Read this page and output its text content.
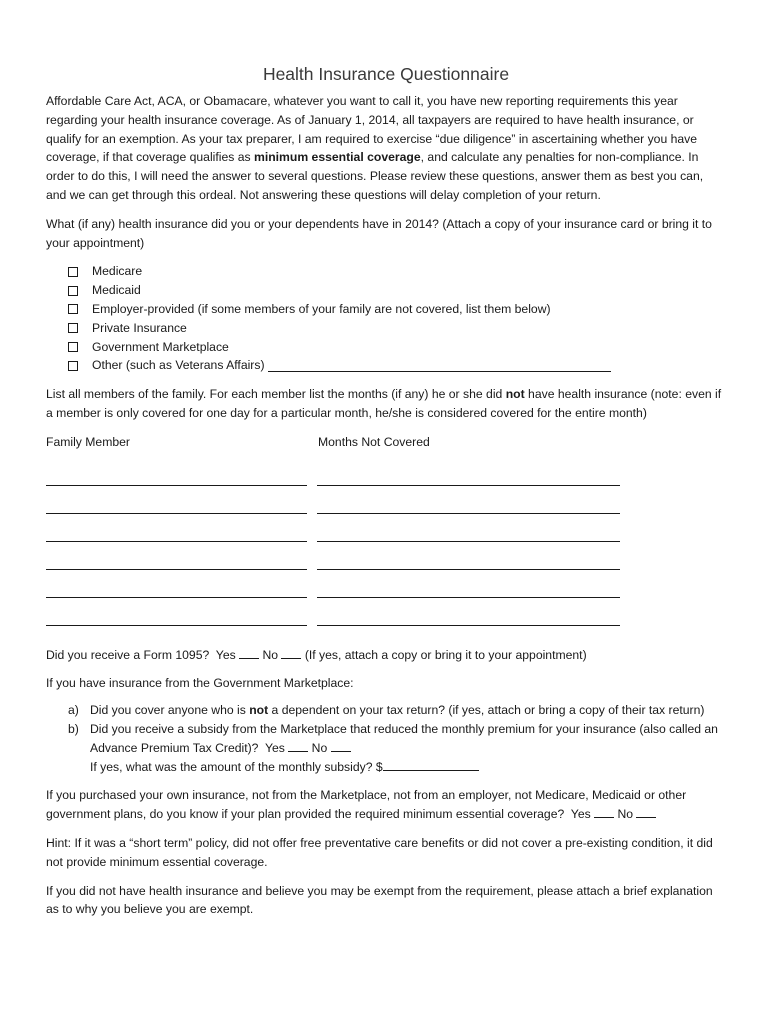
Health Insurance Questionnaire

Affordable Care Act, ACA, or Obamacare, whatever you want to call it, you have new reporting requirements this year regarding your health insurance coverage. As of January 1, 2014, all taxpayers are required to have health insurance, or qualify for an exemption. As your tax preparer, I am required to exercise “due diligence” in ascertaining whether you have coverage, if that coverage qualifies as minimum essential coverage, and calculate any penalties for non-compliance. In order to do this, I will need the answer to several questions. Please review these questions, answer them as best you can, and we can get through this ordeal. Not answering these questions will delay completion of your return.

What (if any) health insurance did you or your dependents have in 2014? (Attach a copy of your insurance card or bring it to your appointment)

Medicare
Medicaid
Employer-provided (if some members of your family are not covered, list them below)
Private Insurance
Government Marketplace
Other (such as Veterans Affairs)

List all members of the family. For each member list the months (if any) he or she did not have health insurance (note: even if a member is only covered for one day for a particular month, he/she is considered covered for the entire month)

Family Member	Months Not Covered

Did you receive a Form 1095?  Yes  No  (If yes, attach a copy or bring it to your appointment)

If you have insurance from the Government Marketplace:

a) Did you cover anyone who is not a dependent on your tax return? (if yes, attach or bring a copy of their tax return)
b) Did you receive a subsidy from the Marketplace that reduced the monthly premium for your insurance (also called an Advance Premium Tax Credit)?  Yes  No
If yes, what was the amount of the monthly subsidy? $

If you purchased your own insurance, not from the Marketplace, not from an employer, not Medicare, Medicaid or other government plans, do you know if your plan provided the required minimum essential coverage?  Yes  No

Hint: If it was a “short term” policy, did not offer free preventative care benefits or did not cover a pre-existing condition, it did not provide minimum essential coverage.

If you did not have health insurance and believe you may be exempt from the requirement, please attach a brief explanation as to why you believe you are exempt.
